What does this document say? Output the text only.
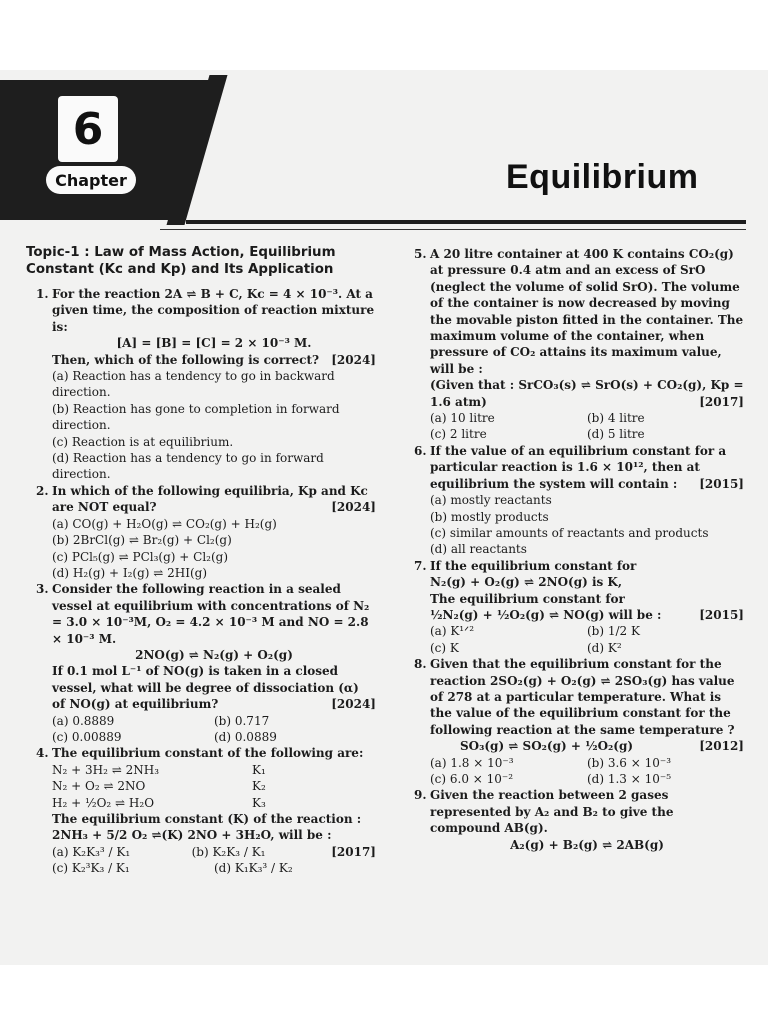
6
Chapter	Equilibrium
Topic-1 : Law of Mass Action, Equilibrium Constant (Kc and Kp) and Its Application
1. For the reaction 2A ⇌ B + C, Kc = 4 × 10⁻³. At a given time, the composition of reaction mixture is:
[A] = [B] = [C] = 2 × 10⁻³ M.
Then, which of the following is correct? [2024]
(a) Reaction has a tendency to go in backward direction.
(b) Reaction has gone to completion in forward direction.
(c) Reaction is at equilibrium.
(d) Reaction has a tendency to go in forward direction.
2. In which of the following equilibria, Kp and Kc are NOT equal?	[2024]
(a) CO(g) + H₂O(g) ⇌ CO₂(g) + H₂(g)
(b) 2BrCl(g) ⇌ Br₂(g) + Cl₂(g)
(c) PCl₅(g) ⇌ PCl₃(g) + Cl₂(g)
(d) H₂(g) + I₂(g) ⇌ 2HI(g)
3. Consider the following reaction in a sealed vessel at equilibrium with concentrations of N₂ = 3.0 × 10⁻³M, O₂ = 4.2 × 10⁻³ M and NO = 2.8 × 10⁻³ M.
2NO(g) ⇌ N₂(g) + O₂(g)
If 0.1 mol L⁻¹ of NO(g) is taken in a closed vessel, what will be degree of dissociation (α) of NO(g) at equilibrium?	[2024]
(a) 0.8889	(b) 0.717
(c) 0.00889	(d) 0.0889
4. The equilibrium constant of the following are:
N₂ + 3H₂ ⇌ 2NH₃	K₁
N₂ + O₂ ⇌ 2NO	K₂
H₂ + ½O₂ ⇌ H₂O	K₃
The equilibrium constant (K) of the reaction :
2NH₃ + 5/2 O₂ ⇌(K) 2NO + 3H₂O, will be :
[2017]
(a) K₂K₃³ / K₁	(b) K₂K₃ / K₁
(c) K₂³K₃ / K₁	(d) K₁K₃³ / K₂
5. A 20 litre container at 400 K contains CO₂(g) at pressure 0.4 atm and an excess of SrO (neglect the volume of solid SrO). The volume of the container is now decreased by moving the movable piston fitted in the container. The maximum volume of the container, when pressure of CO₂ attains its maximum value, will be :
(Given that : SrCO₃(s) ⇌ SrO(s) + CO₂(g), Kp = 1.6 atm)	[2017]
(a) 10 litre	(b) 4 litre
(c) 2 litre	(d) 5 litre
6. If the value of an equilibrium constant for a particular reaction is 1.6 × 10¹², then at equilibrium the system will contain : [2015]
(a) mostly reactants
(b) mostly products
(c) similar amounts of reactants and products
(d) all reactants
7. If the equilibrium constant for
N₂(g) + O₂(g) ⇌ 2NO(g) is K,
The equilibrium constant for
½N₂(g) + ½O₂(g) ⇌ NO(g) will be :	[2015]
(a) K¹ᐟ²	(b) 1/2 K
(c) K	(d) K²
8. Given that the equilibrium constant for the reaction 2SO₂(g) + O₂(g) ⇌ 2SO₃(g) has value of 278 at a particular temperature. What is the value of the equilibrium constant for the following reaction at the same temperature ?
SO₃(g) ⇌ SO₂(g) + ½O₂(g)	[2012]
(a) 1.8 × 10⁻³	(b) 3.6 × 10⁻³
(c) 6.0 × 10⁻²	(d) 1.3 × 10⁻⁵
9. Given the reaction between 2 gases represented by A₂ and B₂ to give the compound AB(g).
A₂(g) + B₂(g) ⇌ 2AB(g)
